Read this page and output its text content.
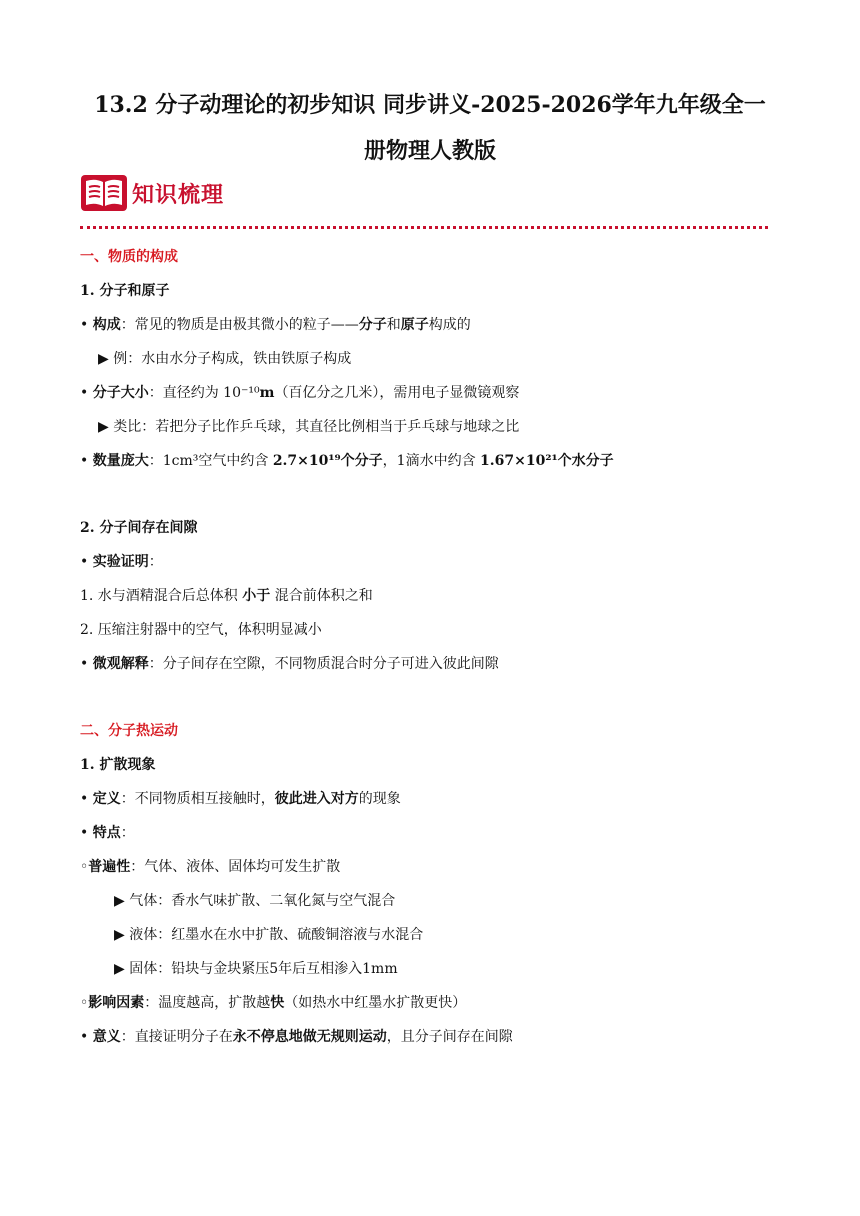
13.2 分子动理论的初步知识 同步讲义-2025-2026学年九年级全一
册物理人教版
知识梳理
一、物质的构成
1. 分子和原子
• 构成：常见的物质是由极其微小的粒子——分子和原子构成的
▶ 例：水由水分子构成，铁由铁原子构成
• 分子大小：直径约为 10⁻¹⁰m（百亿分之几米），需用电子显微镜观察
▶ 类比：若把分子比作乒乓球，其直径比例相当于乒乓球与地球之比
• 数量庞大：1cm³空气中约含 2.7×10¹⁹个分子，1滴水中约含 1.67×10²¹个水分子
2. 分子间存在间隙
• 实验证明：
1. 水与酒精混合后总体积 小于 混合前体积之和
2. 压缩注射器中的空气，体积明显减小
• 微观解释：分子间存在空隙，不同物质混合时分子可进入彼此间隙
二、分子热运动
1. 扩散现象
• 定义：不同物质相互接触时，彼此进入对方的现象
• 特点：
◦普遍性：气体、液体、固体均可发生扩散
▶ 气体：香水气味扩散、二氧化氮与空气混合
▶ 液体：红墨水在水中扩散、硫酸铜溶液与水混合
▶ 固体：铅块与金块紧压5年后互相渗入1mm
◦影响因素：温度越高，扩散越快（如热水中红墨水扩散更快）
• 意义：直接证明分子在永不停息地做无规则运动，且分子间存在间隙
